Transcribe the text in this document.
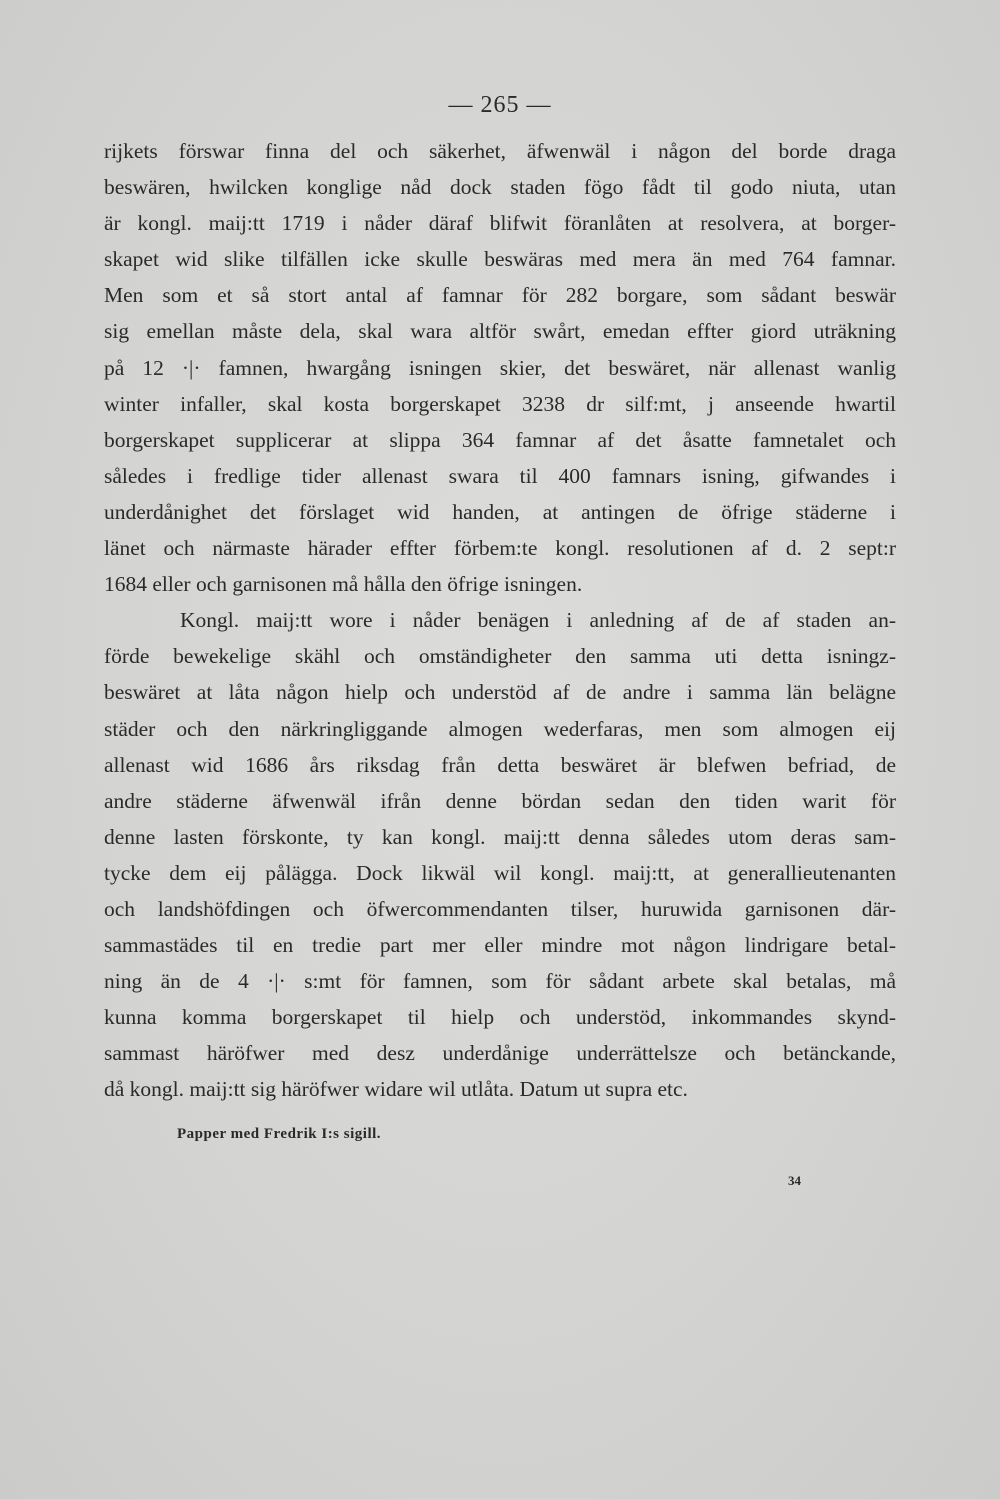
— 265 —
rijkets förswar finna del och säkerhet, äfwenwäl i någon del borde draga
beswären, hwilcken konglige nåd dock staden fögo fådt til godo niuta, utan
är kongl. maij:tt 1719 i nåder däraf blifwit föranlåten at resolvera, at borger-
skapet wid slike tilfällen icke skulle beswäras med mera än med 764 famnar.
Men som et så stort antal af famnar för 282 borgare, som sådant beswär
sig emellan måste dela, skal wara altför swårt, emedan effter giord uträkning
på 12 ·|· famnen, hwargång isningen skier, det beswäret, när allenast wanlig
winter infaller, skal kosta borgerskapet 3238 dr silf:mt, j anseende hwartil
borgerskapet supplicerar at slippa 364 famnar af det åsatte famnetalet och
således i fredlige tider allenast swara til 400 famnars isning, gifwandes i
underdånighet det förslaget wid handen, at antingen de öfrige städerne i
länet och närmaste härader effter förbem:te kongl. resolutionen af d. 2 sept:r
1684 eller och garnisonen må hålla den öfrige isningen.
Kongl. maij:tt wore i nåder benägen i anledning af de af staden an-
förde bewekelige skähl och omständigheter den samma uti detta isningz-
beswäret at låta någon hielp och understöd af de andre i samma län belägne
städer och den närkringliggande almogen wederfaras, men som almogen eij
allenast wid 1686 års riksdag från detta beswäret är blefwen befriad, de
andre städerne äfwenwäl ifrån denne bördan sedan den tiden warit för
denne lasten förskonte, ty kan kongl. maij:tt denna således utom deras sam-
tycke dem eij pålägga. Dock likwäl wil kongl. maij:tt, at generallieutenanten
och landshöfdingen och öfwercommendanten tilser, huruwida garnisonen där-
sammastädes til en tredie part mer eller mindre mot någon lindrigare betal-
ning än de 4 ·|· s:mt för famnen, som för sådant arbete skal betalas, må
kunna komma borgerskapet til hielp och understöd, inkommandes skynd-
sammast häröfwer med desz underdånige underrättelsze och betänckande,
då kongl. maij:tt sig häröfwer widare wil utlåta. Datum ut supra etc.
Papper med Fredrik I:s sigill.
34
